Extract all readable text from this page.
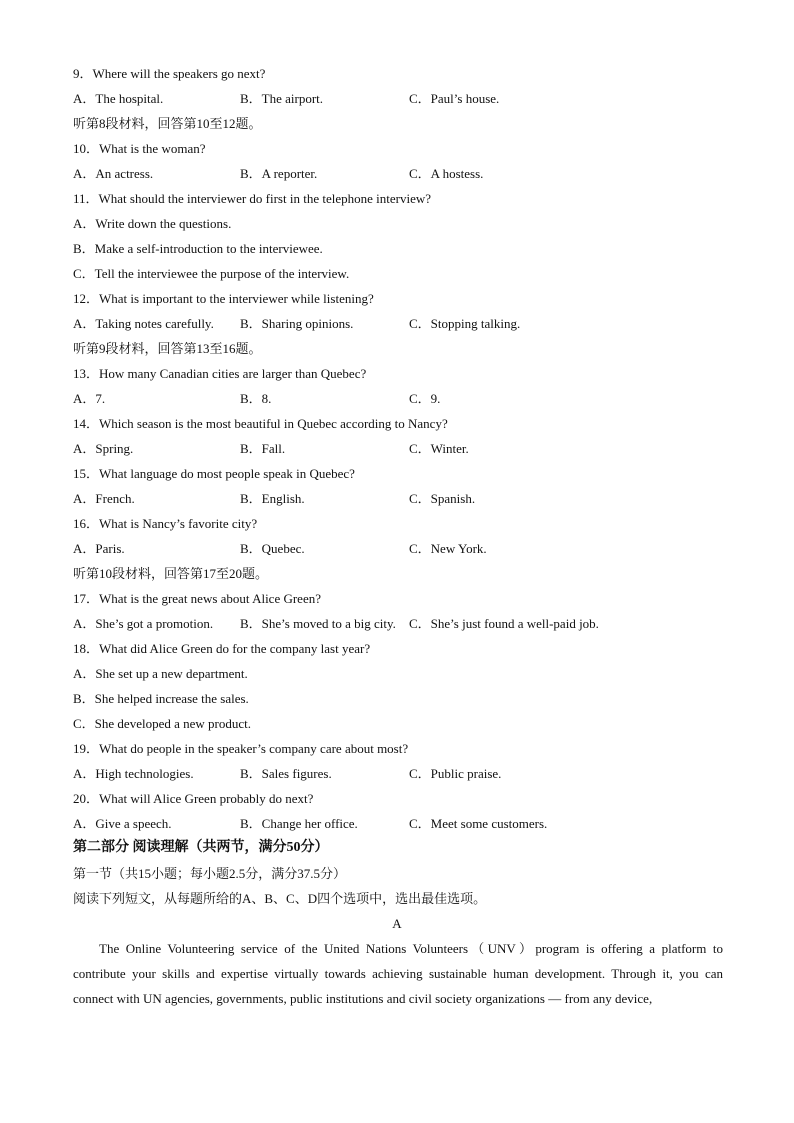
9．Where will the speakers go next?
A．The hospital.	B．The airport.	C．Paul’s house.
听第8段材料，回答第10至12题。
10．What is the woman?
A．An actress.	B．A reporter.	C．A hostess.
11．What should the interviewer do first in the telephone interview?
A．Write down the questions.
B．Make a self-introduction to the interviewee.
C．Tell the interviewee the purpose of the interview.
12．What is important to the interviewer while listening?
A．Taking notes carefully. B．Sharing opinions.	C．Stopping talking.
听第9段材料，回答第13至16题。
13．How many Canadian cities are larger than Quebec?
A．7.	B．8.	C．9.
14．Which season is the most beautiful in Quebec according to Nancy?
A．Spring.	B．Fall.	C．Winter.
15．What language do most people speak in Quebec?
A．French.	B．English.	C．Spanish.
16．What is Nancy’s favorite city?
A．Paris.	B．Quebec.	C．New York.
听第10段材料，回答第17至20题。
17．What is the great news about Alice Green?
A．She’s got a promotion. B．She’s moved to a big city. C．She’s just found a well-paid job.
18．What did Alice Green do for the company last year?
A．She set up a new department.
B．She helped increase the sales.
C．She developed a new product.
19．What do people in the speaker’s company care about most?
A．High technologies.	B．Sales figures.	C．Public praise.
20．What will Alice Green probably do next?
A．Give a speech.	B．Change her office.	C．Meet some customers.
第二部分 阅读理解（共两节，满分50分）
第一节（共15小题；每小题2.5分，满分37.5分）
阅读下列短文，从每题所给的A、B、C、D四个选项中，选出最佳选项。
A
The Online Volunteering service of the United Nations Volunteers（UNV）program is offering a platform to contribute your skills and expertise virtually towards achieving sustainable human development. Through it, you can connect with UN agencies, governments, public institutions and civil society organizations — from any device,
